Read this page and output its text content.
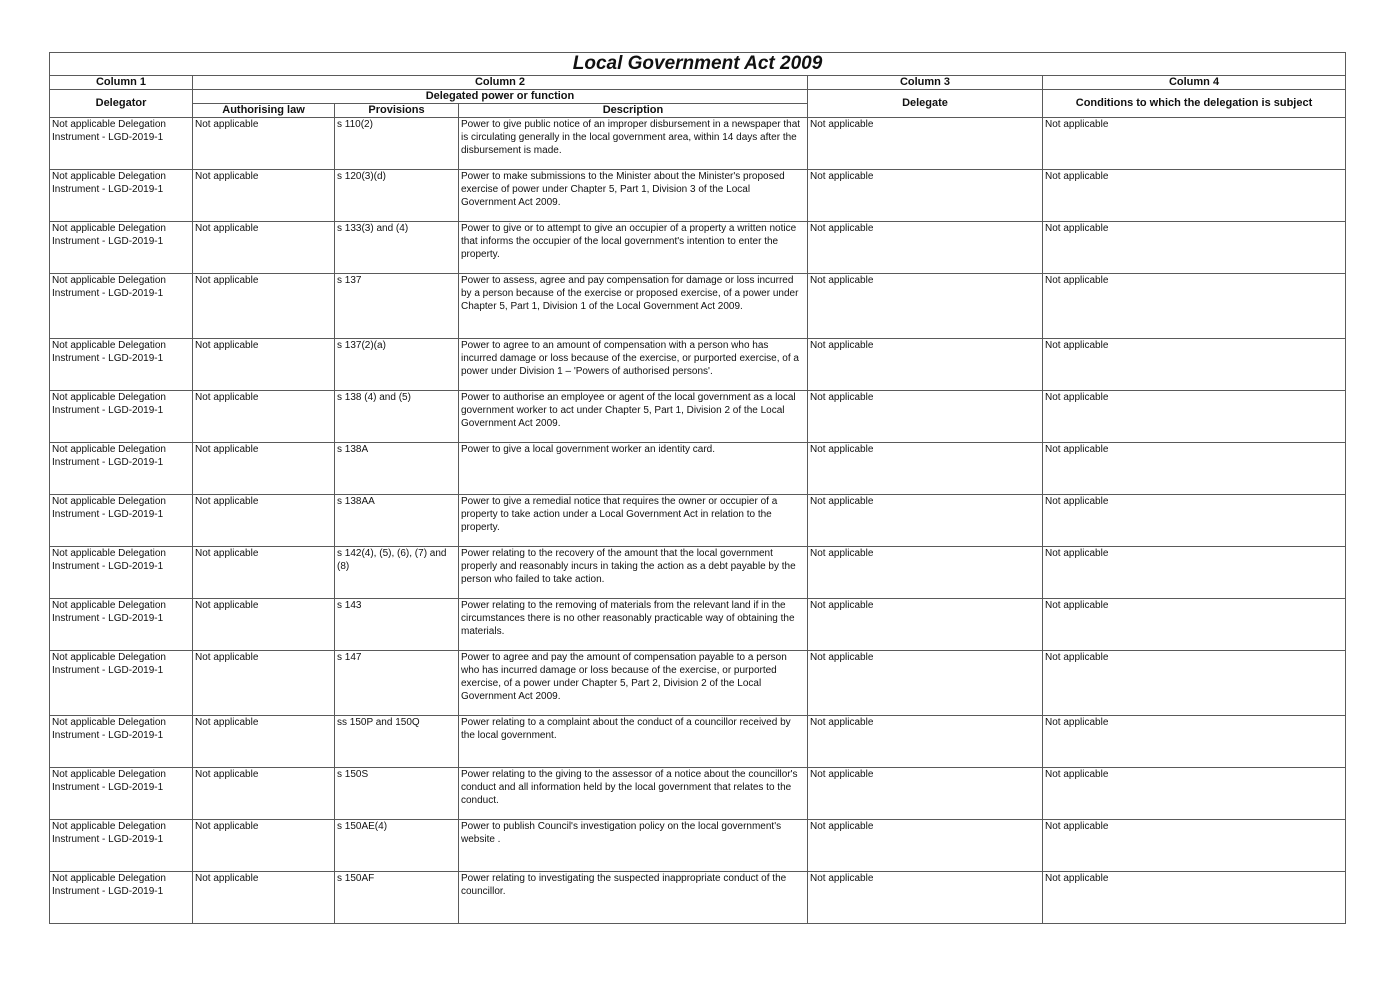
Local Government Act 2009					
Column 1	Column 2			Column 3	Column 4
Delegator	Delegated power or function			Delegate	Conditions to which the delegation is subject
	Authorising law	Provisions	Description		
Not applicable Delegation Instrument - LGD-2019-1	Not applicable	s 110(2)	Power to give public notice of an improper disbursement in a newspaper that is circulating generally in the local government area, within 14 days after the disbursement is made.	Not applicable	Not applicable
Not applicable Delegation Instrument - LGD-2019-1	Not applicable	s 120(3)(d)	Power to make submissions to the Minister about the Minister's proposed exercise of power under Chapter 5, Part 1, Division 3 of the Local Government Act 2009.	Not applicable	Not applicable
Not applicable Delegation Instrument - LGD-2019-1	Not applicable	s 133(3) and (4)	Power to give or to attempt to give an occupier of a property a written notice that informs the occupier of the local government's intention to enter the property.	Not applicable	Not applicable
Not applicable Delegation Instrument - LGD-2019-1	Not applicable	s 137	Power to assess, agree and pay compensation for damage or loss incurred by a person because of the exercise or proposed exercise, of a power under Chapter 5, Part 1, Division 1 of the Local Government Act 2009.	Not applicable	Not applicable
Not applicable Delegation Instrument - LGD-2019-1	Not applicable	s 137(2)(a)	Power to agree to an amount of compensation with a person who has incurred damage or loss because of the exercise, or purported exercise, of a power under Division 1 – 'Powers of authorised persons'.	Not applicable	Not applicable
Not applicable Delegation Instrument - LGD-2019-1	Not applicable	s 138 (4) and (5)	Power to authorise an employee or agent of the local government as a local government worker to act under Chapter 5, Part 1, Division 2 of the Local Government Act 2009.	Not applicable	Not applicable
Not applicable Delegation Instrument - LGD-2019-1	Not applicable	s 138A	Power to give a local government worker an identity card.	Not applicable	Not applicable
Not applicable Delegation Instrument - LGD-2019-1	Not applicable	s 138AA	Power to give a remedial notice that requires the owner or occupier of a property to take action under a Local Government Act in relation to the property.	Not applicable	Not applicable
Not applicable Delegation Instrument - LGD-2019-1	Not applicable	s 142(4), (5), (6), (7) and (8)	Power relating to the recovery of the amount that the local government properly and reasonably incurs in taking the action as a debt payable by the person who failed to take action.	Not applicable	Not applicable
Not applicable Delegation Instrument - LGD-2019-1	Not applicable	s 143	Power relating to the removing of materials from the relevant land if in the circumstances there is no other reasonably practicable way of obtaining the materials.	Not applicable	Not applicable
Not applicable Delegation Instrument - LGD-2019-1	Not applicable	s 147	Power to agree and pay the amount of compensation payable to a person who has incurred damage or loss because of the exercise, or purported exercise, of a power under Chapter 5, Part 2, Division 2 of the Local Government Act 2009.	Not applicable	Not applicable
Not applicable Delegation Instrument - LGD-2019-1	Not applicable	ss 150P and 150Q	Power relating to a complaint about the conduct of a councillor received by the local government.	Not applicable	Not applicable
Not applicable Delegation Instrument - LGD-2019-1	Not applicable	s 150S	Power relating to the giving to the assessor of a notice about the councillor's conduct and all information held by the local government that relates to the conduct.	Not applicable	Not applicable
Not applicable Delegation Instrument - LGD-2019-1	Not applicable	s 150AE(4)	Power to publish Council's investigation policy on the local government's website .	Not applicable	Not applicable
Not applicable Delegation Instrument - LGD-2019-1	Not applicable	s 150AF	Power relating to investigating the suspected inappropriate conduct of the councillor.	Not applicable	Not applicable
